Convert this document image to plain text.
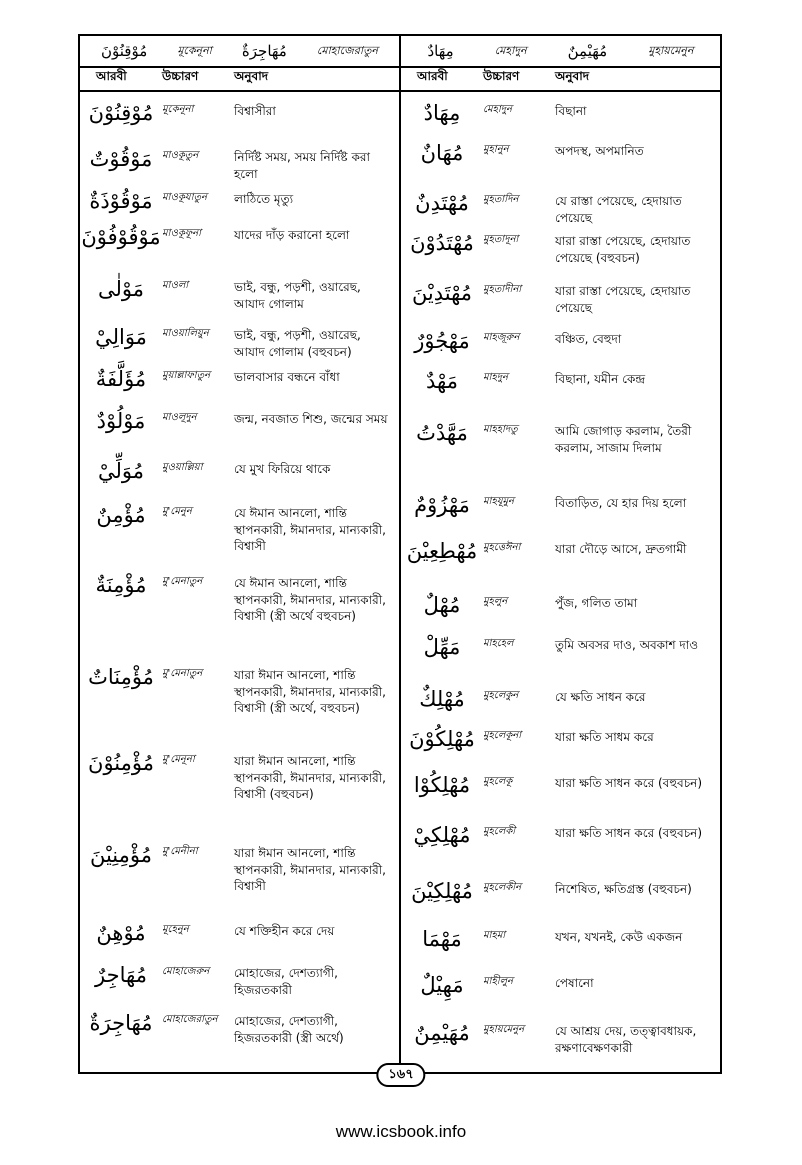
مُوْقِنُوْنَ	মূকেনূনা مُهَاجِرَةٌ	মোহাজেরাতুন	مِهَادٌ	মেহাদুন	مُهَيْمِنٌ	মুহায়মেনুন
আরবী	উচ্চারণ	অনুবাদ	আরবী	উচ্চারণ	অনুবাদ
مُوْقِنُوْنَ মূকেনূনা	বিশ্বাসীরা
مَوْقُوْتٌ মাওকূতুন	নির্দিষ্ট সময়, সময় নির্দিষ্ট করা হলো
مَوْقُوْذَةٌ মাওকূযাতুন	লাঠিতে মৃত্যু
مَوْقُوْفُوْنَ মাওকূফূনা	যাদের দাঁড় করানো হলো
مَوْلٰى	মাওলা	ভাই, বন্ধু, পড়শী, ওয়ারেছ, আযাদ গোলাম
مَوَالِيْ	মাওয়ালিয়ুন	ভাই, বন্ধু, পড়শী, ওয়ারেছ, আযাদ গোলাম (বহুবচন)
مُؤَلَّفَةٌ	মুয়াল্লাফাতুন	ভালবাসার বন্ধনে বাঁধা
مَوْلُوْدٌ	মাওলূদুন	জন্ম, নবজাত শিশু, জন্মের সময়
مُوَلِّيْ	মুওয়াল্লিয়া	যে মুখ ফিরিয়ে থাকে
مُؤْمِنٌ	মু'মেনুন	যে ঈমান আনলো, শান্তি স্থাপনকারী, ঈমানদার, মান্যকারী, বিশ্বাসী
مُؤْمِنَةٌ	মু'মেনাতুন	যে ঈমান আনলো, শান্তি স্থাপনকারী, ঈমানদার, মান্যকারী, বিশ্বাসী (স্ত্রী অর্থে বহুবচন)
مُؤْمِنَاتٌ মু'মেনাতুন	যারা ঈমান আনলো, শান্তি স্থাপনকারী, ঈমানদার, মান্যকারী, বিশ্বাসী (স্ত্রী অর্থে, বহুবচন)
مُؤْمِنُوْنَ মু'মেনূনা	যারা ঈমান আনলো, শান্তি স্থাপনকারী, ঈমানদার, মান্যকারী, বিশ্বাসী (বহুবচন)
مُؤْمِنِيْنَ	মু'মেনীনা	যারা ঈমান আনলো, শান্তি স্থাপনকারী, ঈমানদার, মান্যকারী, বিশ্বাসী
مُوْهِنٌ	মূহেনুন	যে শক্তিহীন করে দেয়
مُهَاجِرٌ	মোহাজেরুন	মোহাজের, দেশত্যাগী, হিজরতকারী
مُهَاجِرَةٌ মোহাজেরাতুন	মোহাজের, দেশত্যাগী, হিজরতকারী (স্ত্রী অর্থে)
مِهَادٌ	মেহাদুন	বিছানা
مُهَانٌ	মুহানুন	অপদস্থ, অপমানিত
مُهْتَدِنٌ	মুহতাদিন	যে রাস্তা পেয়েছে, হেদায়াত পেয়েছে
مُهْتَدُوْنَ মুহতাদূনা	যারা রাস্তা পেয়েছে, হেদায়াত পেয়েছে (বহুবচন)
مُهْتَدِيْنَ	মুহতাদীনা	যারা রাস্তা পেয়েছে, হেদায়াত পেয়েছে
مَهْجُوْرٌ	মাহজূরুন	বঞ্চিত, বেহুদা
مَهْدٌ	মাহদুন	বিছানা, যমীন কেন্দ্র
مَهَّدْتُ	মাহহাদতু	আমি জোগাড় করলাম, তৈরী করলাম, সাজাম দিলাম
مَهْزُوْمٌ	মাহযূমুন	বিতাড়িত, যে হার দিয় হলো
مُهْطِعِيْنَ মুহত্তেঈনা	যারা দৌড়ে আসে, দ্রুতগামী
مُهْلٌ	মুহলুন	পুঁজ, গলিত তামা
مَهِّلْ	মাহহেল	তুমি অবসর দাও, অবকাশ দাও
مُهْلِكٌ	মুহলেকুন	যে ক্ষতি সাধন করে
مُهْلِكُوْنَ মুহলেকূনা	যারা ক্ষতি সাধম করে
مُهْلِكُوْا	মুহলেকূ	যারা ক্ষতি সাধন করে (বহুবচন)
مُهْلِكِيْ	মুহলেকী	যারা ক্ষতি সাধন করে (বহুবচন)
مُهْلِكِيْنَ	মুহলেকীন	নিশেষিত, ক্ষতিগ্রস্ত (বহুবচন)
مَهْمَا	মাহমা	যখন, যখনই, কেউ একজন
مَهِيْلٌ	মাহীলুন	পেষানো
مُهَيْمِنٌ	মুহায়মেনুন	যে আশ্রয় দেয়, তত্ত্বাবধায়ক, রক্ষণাবেক্ষণকারী
১৬৭
www.icsbook.info
